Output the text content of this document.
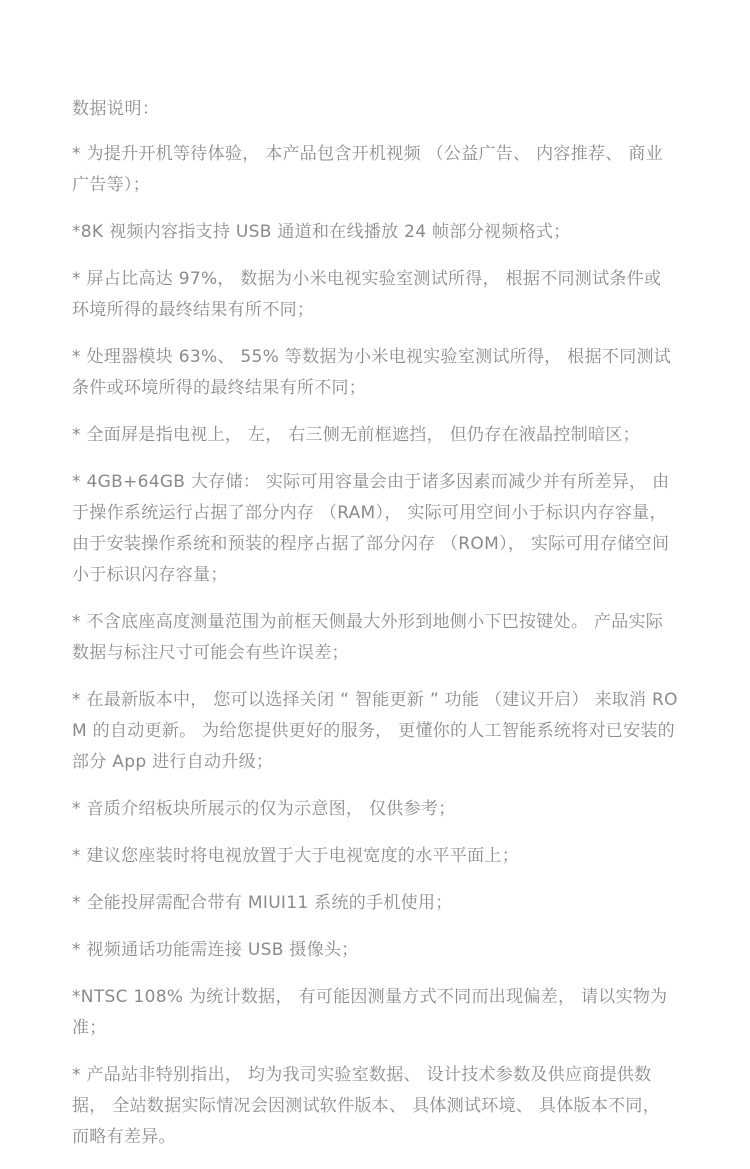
数据说明：

* 为提升开机等待体验， 本产品包含开机视频 （公益广告、 内容推荐、 商业广告等）；

*8K 视频内容指支持 USB 通道和在线播放 24 帧部分视频格式；

* 屏占比高达 97%， 数据为小米电视实验室测试所得， 根据不同测试条件或环境所得的最终结果有所不同；

* 处理器模块 63%、 55% 等数据为小米电视实验室测试所得， 根据不同测试条件或环境所得的最终结果有所不同；

* 全面屏是指电视上， 左， 右三侧无前框遮挡， 但仍存在液晶控制暗区；

* 4GB+64GB 大存储： 实际可用容量会由于诸多因素而减少并有所差异， 由于操作系统运行占据了部分内存 （RAM）， 实际可用空间小于标识内存容量， 由于安装操作系统和预装的程序占据了部分闪存 （ROM）， 实际可用存储空间小于标识闪存容量；

* 不含底座高度测量范围为前框天侧最大外形到地侧小下巴按键处。 产品实际数据与标注尺寸可能会有些许误差；

* 在最新版本中， 您可以选择关闭 “ 智能更新 ” 功能 （建议开启） 来取消 ROM 的自动更新。 为给您提供更好的服务， 更懂你的人工智能系统将对已安装的部分 App 进行自动升级；

* 音质介绍板块所展示的仅为示意图， 仅供参考；

* 建议您座装时将电视放置于大于电视宽度的水平平面上；

* 全能投屏需配合带有 MIUI11 系统的手机使用；

* 视频通话功能需连接 USB 摄像头；

*NTSC 108% 为统计数据， 有可能因测量方式不同而出现偏差， 请以实物为准；

* 产品站非特别指出， 均为我司实验室数据、 设计技术参数及供应商提供数据， 全站数据实际情况会因测试软件版本、 具体测试环境、 具体版本不同， 而略有差异。
